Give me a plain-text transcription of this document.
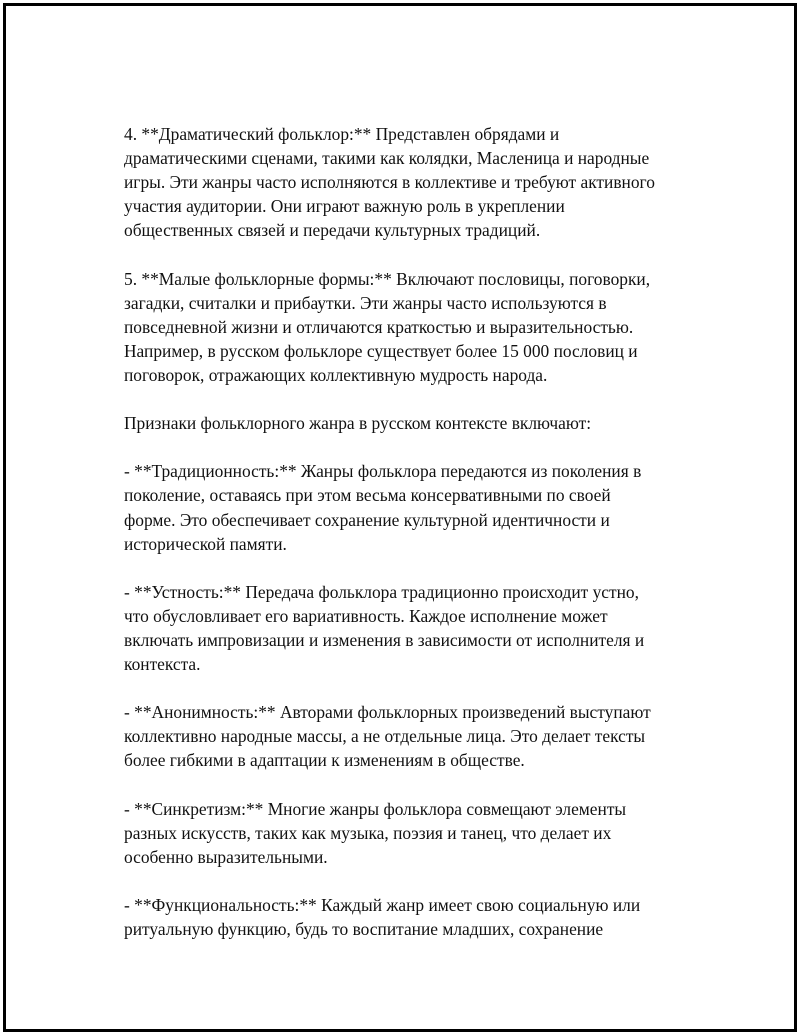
4. **Драматический фольклор:** Представлен обрядами и
драматическими сценами, такими как колядки, Масленица и народные
игры. Эти жанры часто исполняются в коллективе и требуют активного
участия аудитории. Они играют важную роль в укреплении
общественных связей и передачи культурных традиций.

5. **Малые фольклорные формы:** Включают пословицы, поговорки,
загадки, считалки и прибаутки. Эти жанры часто используются в
повседневной жизни и отличаются краткостью и выразительностью.
Например, в русском фольклоре существует более 15 000 пословиц и
поговорок, отражающих коллективную мудрость народа.

Признаки фольклорного жанра в русском контексте включают:

- **Традиционность:** Жанры фольклора передаются из поколения в
поколение, оставаясь при этом весьма консервативными по своей
форме. Это обеспечивает сохранение культурной идентичности и
исторической памяти.

- **Устность:** Передача фольклора традиционно происходит устно,
что обусловливает его вариативность. Каждое исполнение может
включать импровизации и изменения в зависимости от исполнителя и
контекста.

- **Анонимность:** Авторами фольклорных произведений выступают
коллективно народные массы, а не отдельные лица. Это делает тексты
более гибкими в адаптации к изменениям в обществе.

- **Синкретизм:** Многие жанры фольклора совмещают элементы
разных искусств, таких как музыка, поэзия и танец, что делает их
особенно выразительными.

- **Функциональность:** Каждый жанр имеет свою социальную или
ритуальную функцию, будь то воспитание младших, сохранение
